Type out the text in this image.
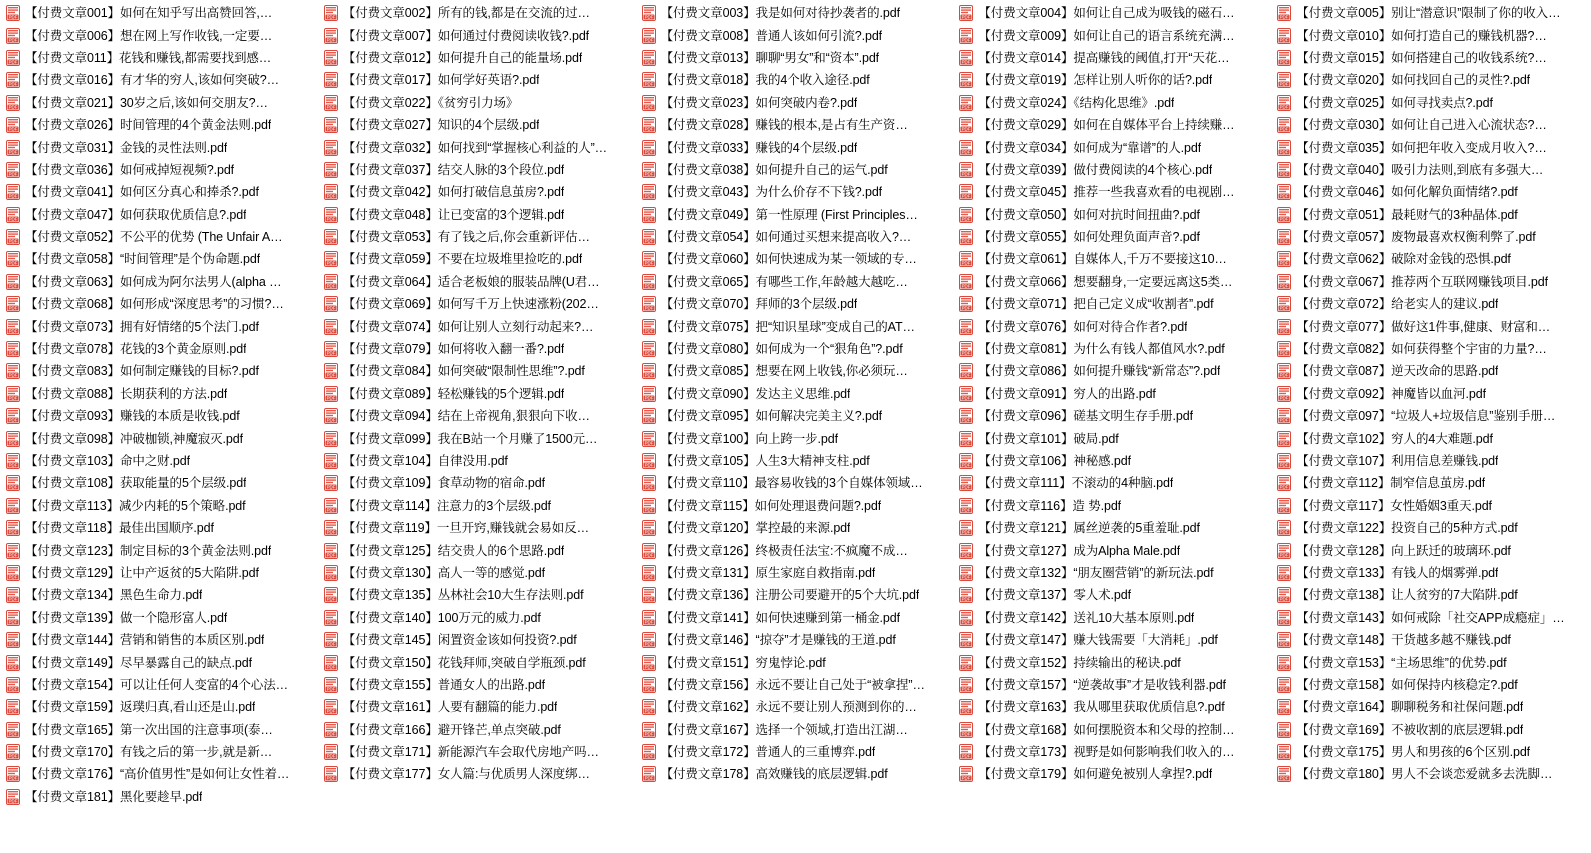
PDF 【付费文章001】如何在知乎写出高赞回答,…
PDF 【付费文章006】想在网上写作收钱,一定要…
PDF 【付费文章011】花钱和赚钱,都需要找到感…
PDF 【付费文章016】有才华的穷人,该如何突破?…
PDF 【付费文章021】30岁之后,该如何交朋友?…
PDF 【付费文章026】时间管理的4个黄金法则.pdf
PDF 【付费文章031】金钱的灵性法则.pdf
PDF 【付费文章036】如何戒掉短视频?.pdf
PDF 【付费文章041】如何区分真心和捧杀?.pdf
PDF 【付费文章047】如何获取优质信息?.pdf
PDF 【付费文章052】不公平的优势 (The Unfair A…
PDF 【付费文章058】“时间管理”是个伪命题.pdf
PDF 【付费文章063】如何成为阿尔法男人(alpha …
PDF 【付费文章068】如何形成“深度思考”的习惯?…
PDF 【付费文章073】拥有好情绪的5个法门.pdf
PDF 【付费文章078】花钱的3个黄金原则.pdf
PDF 【付费文章083】如何制定赚钱的目标?.pdf
PDF 【付费文章088】长期获利的方法.pdf
PDF 【付费文章093】赚钱的本质是收钱.pdf
PDF 【付费文章098】冲破枷锁,神魔寂灭.pdf
PDF 【付费文章103】命中之财.pdf
PDF 【付费文章108】获取能量的5个层级.pdf
PDF 【付费文章113】减少内耗的5个策略.pdf
PDF 【付费文章118】最佳出国顺序.pdf
PDF 【付费文章123】制定目标的3个黄金法则.pdf
PDF 【付费文章129】让中产返贫的5大陷阱.pdf
PDF 【付费文章134】黑色生命力.pdf
PDF 【付费文章139】做一个隐形富人.pdf
PDF 【付费文章144】营销和销售的本质区别.pdf
PDF 【付费文章149】尽早暴露自己的缺点.pdf
PDF 【付费文章154】可以让任何人变富的4个心法…
PDF 【付费文章159】返璞归真,看山还是山.pdf
PDF 【付费文章165】第一次出国的注意事项(泰…
PDF 【付费文章170】有钱之后的第一步,就是新…
PDF 【付费文章176】“高价值男性”是如何让女性着…
PDF 【付费文章181】黑化要趁早.pdf
PDF 【付费文章002】所有的钱,都是在交流的过…
PDF 【付费文章007】如何通过付费阅读收钱?.pdf
PDF 【付费文章012】如何提升自己的能量场.pdf
PDF 【付费文章017】如何学好英语?.pdf
PDF 【付费文章022】《贫穷引力场》
PDF 【付费文章027】知识的4个层级.pdf
PDF 【付费文章032】如何找到“掌握核心利益的人”…
PDF 【付费文章037】结交人脉的3个段位.pdf
PDF 【付费文章042】如何打破信息茧房?.pdf
PDF 【付费文章048】让已变富的3个逻辑.pdf
PDF 【付费文章053】有了钱之后,你会重新评估…
PDF 【付费文章059】不要在垃圾堆里捡吃的.pdf
PDF 【付费文章064】适合老板娘的服装品牌(U君…
PDF 【付费文章069】如何写千万上快速涨粉(202…
PDF 【付费文章074】如何让别人立刻行动起来?…
PDF 【付费文章079】如何将收入翻一番?.pdf
PDF 【付费文章084】如何突破“限制性思维”?.pdf
PDF 【付费文章089】轻松赚钱的5个逻辑.pdf
PDF 【付费文章094】结在上帝视角,狠狠向下收…
PDF 【付费文章099】我在B站一个月赚了1500元…
PDF 【付费文章104】自律没用.pdf
PDF 【付费文章109】食草动物的宿命.pdf
PDF 【付费文章114】注意力的3个层级.pdf
PDF 【付费文章119】一旦开窍,赚钱就会易如反…
PDF 【付费文章125】结交贵人的6个思路.pdf
PDF 【付费文章130】高人一等的感觉.pdf
PDF 【付费文章135】丛林社会10大生存法则.pdf
PDF 【付费文章140】100万元的威力.pdf
PDF 【付费文章145】闲置资金该如何投资?.pdf
PDF 【付费文章150】花钱拜师,突破自学瓶颈.pdf
PDF 【付费文章155】普通女人的出路.pdf
PDF 【付费文章161】人要有翻篇的能力.pdf
PDF 【付费文章166】避开锋芒,单点突破.pdf
PDF 【付费文章171】新能源汽车会取代房地产吗…
PDF 【付费文章177】女人篇:与优质男人深度绑…
PDF 【付费文章003】我是如何对待抄袭者的.pdf
PDF 【付费文章008】普通人该如何引流?.pdf
PDF 【付费文章013】聊聊“男女”和“资本”.pdf
PDF 【付费文章018】我的4个收入途径.pdf
PDF 【付费文章023】如何突破内卷?.pdf
PDF 【付费文章028】赚钱的根本,是占有生产资…
PDF 【付费文章033】赚钱的4个层级.pdf
PDF 【付费文章038】如何提升自己的运气.pdf
PDF 【付费文章043】为什么价存不下钱?.pdf
PDF 【付费文章049】第一性原理 (First Principles…
PDF 【付费文章054】如何通过买想来提高收入?…
PDF 【付费文章060】如何快速成为某一领域的专…
PDF 【付费文章065】有哪些工作,年龄越大越吃…
PDF 【付费文章070】拜师的3个层级.pdf
PDF 【付费文章075】把“知识星球”变成自己的AT…
PDF 【付费文章080】如何成为一个“狠角色”?.pdf
PDF 【付费文章085】想要在网上收钱,你必须玩…
PDF 【付费文章090】发达主义思维.pdf
PDF 【付费文章095】如何解决完美主义?.pdf
PDF 【付费文章100】向上跨一步.pdf
PDF 【付费文章105】人生3大精神支柱.pdf
PDF 【付费文章110】最容易收钱的3个自媒体领域…
PDF 【付费文章115】如何处理退费问题?.pdf
PDF 【付费文章120】掌控最的来源.pdf
PDF 【付费文章126】终极责任法宝:不疯魔不成…
PDF 【付费文章131】原生家庭自救指南.pdf
PDF 【付费文章136】注册公司要避开的5个大坑.pdf
PDF 【付费文章141】如何快速赚到第一桶金.pdf
PDF 【付费文章146】“掠夺”才是赚钱的王道.pdf
PDF 【付费文章151】穷鬼悖论.pdf
PDF 【付费文章156】永远不要让自己处于“被拿捏”…
PDF 【付费文章162】永远不要让别人预测到你的…
PDF 【付费文章167】选择一个领域,打造出江湖…
PDF 【付费文章172】普通人的三重博弈.pdf
PDF 【付费文章178】高效赚钱的底层逻辑.pdf
PDF 【付费文章004】如何让自己成为吸钱的磁石…
PDF 【付费文章009】如何让自己的语言系统充满…
PDF 【付费文章014】提高赚钱的阈值,打开“天花…
PDF 【付费文章019】怎样让别人听你的话?.pdf
PDF 【付费文章024】《结构化思维》.pdf
PDF 【付费文章029】如何在自媒体平台上持续赚…
PDF 【付费文章034】如何成为“靠谱”的人.pdf
PDF 【付费文章039】做付费阅读的4个核心.pdf
PDF 【付费文章045】推荐一些我喜欢看的电视剧…
PDF 【付费文章050】如何对抗时间扭曲?.pdf
PDF 【付费文章055】如何处理负面声音?.pdf
PDF 【付费文章061】自媒体人,千万不要接这10…
PDF 【付费文章066】想要翻身,一定要远离这5类…
PDF 【付费文章071】把自己定义成“收割者”.pdf
PDF 【付费文章076】如何对待合作者?.pdf
PDF 【付费文章081】为什么有钱人都值风水?.pdf
PDF 【付费文章086】如何提升赚钱“新常态”?.pdf
PDF 【付费文章091】穷人的出路.pdf
PDF 【付费文章096】磋基文明生存手册.pdf
PDF 【付费文章101】破局.pdf
PDF 【付费文章106】神秘感.pdf
PDF 【付费文章111】不滚动的4种脑.pdf
PDF 【付费文章116】造 势.pdf
PDF 【付费文章121】属丝逆袭的5重羞耻.pdf
PDF 【付费文章127】成为Alpha Male.pdf
PDF 【付费文章132】“朋友圈营销”的新玩法.pdf
PDF 【付费文章137】零人术.pdf
PDF 【付费文章142】送礼10大基本原则.pdf
PDF 【付费文章147】赚大钱需要「大消耗」.pdf
PDF 【付费文章152】持续输出的秘诀.pdf
PDF 【付费文章157】“逆袭故事”才是收钱利器.pdf
PDF 【付费文章163】我从哪里获取优质信息?.pdf
PDF 【付费文章168】如何摆脱资本和父母的控制…
PDF 【付费文章173】视野是如何影响我们收入的…
PDF 【付费文章179】如何避免被别人拿捏?.pdf
PDF 【付费文章005】别让“潜意识”限制了你的收入…
PDF 【付费文章010】如何打造自己的赚钱机器?…
PDF 【付费文章015】如何搭建自己的收钱系统?…
PDF 【付费文章020】如何找回自己的灵性?.pdf
PDF 【付费文章025】如何寻找卖点?.pdf
PDF 【付费文章030】如何让自己进入心流状态?…
PDF 【付费文章035】如何把年收入变成月收入?…
PDF 【付费文章040】吸引力法则,到底有多强大…
PDF 【付费文章046】如何化解负面情绪?.pdf
PDF 【付费文章051】最耗财气的3种晶体.pdf
PDF 【付费文章057】废物最喜欢权衡利弊了.pdf
PDF 【付费文章062】破除对金钱的恐惧.pdf
PDF 【付费文章067】推荐两个互联网赚钱项目.pdf
PDF 【付费文章072】给老实人的建议.pdf
PDF 【付费文章077】做好这1件事,健康、财富和…
PDF 【付费文章082】如何获得整个宇宙的力量?…
PDF 【付费文章087】逆天改命的思路.pdf
PDF 【付费文章092】神魔皆以血河.pdf
PDF 【付费文章097】“垃圾人+垃圾信息”鉴别手册…
PDF 【付费文章102】穷人的4大难题.pdf
PDF 【付费文章107】利用信息差赚钱.pdf
PDF 【付费文章112】制窄信息茧房.pdf
PDF 【付费文章117】女性婚姻3重天.pdf
PDF 【付费文章122】投资自己的5种方式.pdf
PDF 【付费文章128】向上跃迁的玻璃环.pdf
PDF 【付费文章133】有钱人的烟雾弹.pdf
PDF 【付费文章138】让人贫穷的7大陷阱.pdf
PDF 【付费文章143】如何戒除「社交APP成瘾症」…
PDF 【付费文章148】干货越多越不赚钱.pdf
PDF 【付费文章153】“主场思维”的优势.pdf
PDF 【付费文章158】如何保持内核稳定?.pdf
PDF 【付费文章164】聊聊税务和社保问题.pdf
PDF 【付费文章169】不被收割的底层逻辑.pdf
PDF 【付费文章175】男人和男孩的6个区别.pdf
PDF 【付费文章180】男人不会谈恋爱就多去洗脚…
